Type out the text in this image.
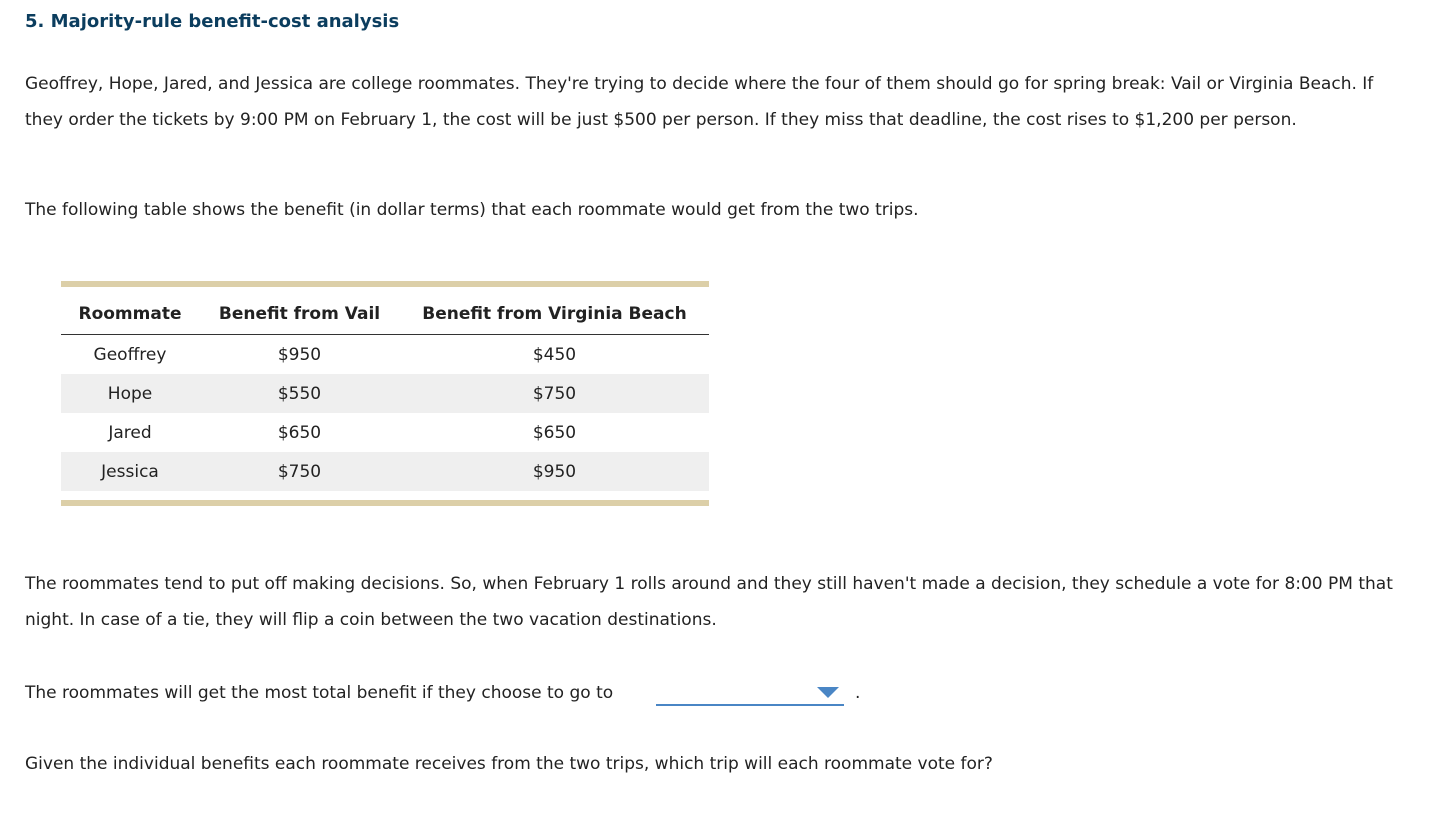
5. Majority-rule benefit-cost analysis

Geoffrey, Hope, Jared, and Jessica are college roommates. They're trying to decide where the four of them should go for spring break: Vail or Virginia Beach. If they order the tickets by 9:00 PM on February 1, the cost will be just $500 per person. If they miss that deadline, the cost rises to $1,200 per person.

The following table shows the benefit (in dollar terms) that each roommate would get from the two trips.

Roommate	Benefit from Vail	Benefit from Virginia Beach
Geoffrey	$950	$450
Hope	$550	$750
Jared	$650	$650
Jessica	$750	$950

The roommates tend to put off making decisions. So, when February 1 rolls around and they still haven't made a decision, they schedule a vote for 8:00 PM that night. In case of a tie, they will flip a coin between the two vacation destinations.

The roommates will get the most total benefit if they choose to go to	.

Given the individual benefits each roommate receives from the two trips, which trip will each roommate vote for?
